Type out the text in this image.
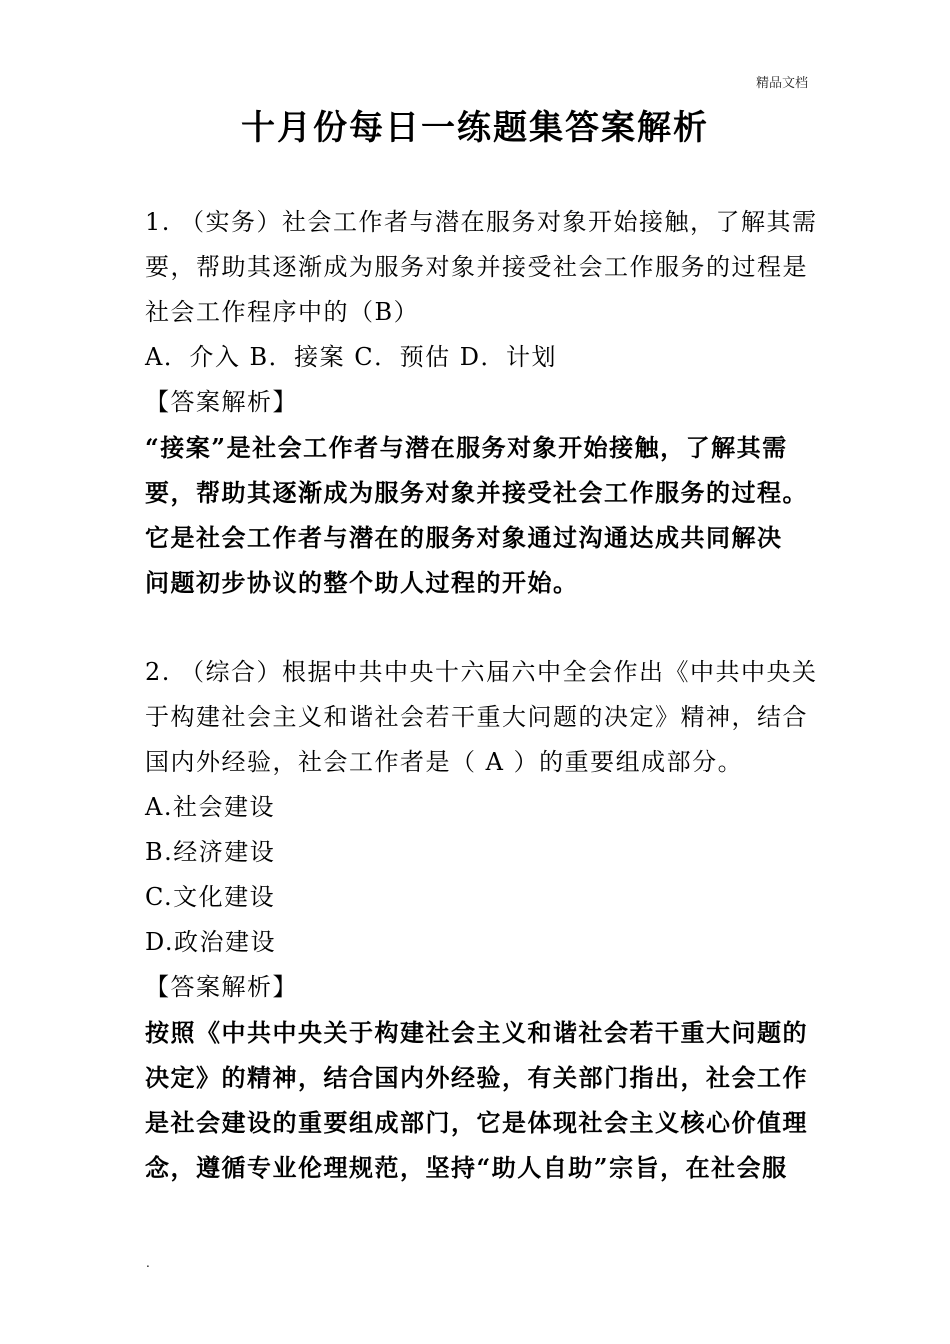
精品文档
十月份每日一练题集答案解析
1. （实务）社会工作者与潜在服务对象开始接触，了解其需
要，帮助其逐渐成为服务对象并接受社会工作服务的过程是
社会工作程序中的（B）
A．介入 B．接案 C．预估 D．计划
【答案解析】
“接案”是社会工作者与潜在服务对象开始接触，了解其需
要，帮助其逐渐成为服务对象并接受社会工作服务的过程。
它是社会工作者与潜在的服务对象通过沟通达成共同解决
问题初步协议的整个助人过程的开始。
2. （综合）根据中共中央十六届六中全会作出《中共中央关
于构建社会主义和谐社会若干重大问题的决定》精神，结合
国内外经验，社会工作者是（ A ）的重要组成部分。
A.社会建设
B.经济建设
C.文化建设
D.政治建设
【答案解析】
按照《中共中央关于构建社会主义和谐社会若干重大问题的
决定》的精神，结合国内外经验，有关部门指出，社会工作
是社会建设的重要组成部门，它是体现社会主义核心价值理
念，遵循专业伦理规范，坚持“助人自助”宗旨，在社会服
.
